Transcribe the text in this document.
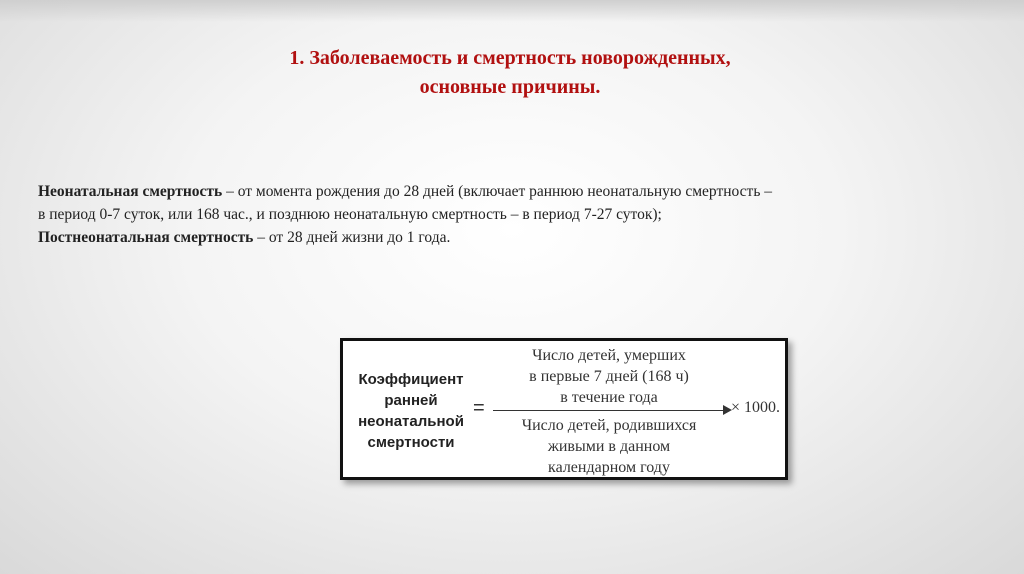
1. Заболеваемость и смертность новорожденных,
основные причины.

Неонатальная смертность – от момента рождения до 28 дней (включает раннюю неонатальную смертность – в период 0-7 суток, или 168 час., и позднюю неонатальную смертность – в период 7-27 суток);

Постнеонатальная смертность – от 28 дней жизни до 1 года.

Коэффициент
ранней
неонатальной
смертности
=
Число детей, умерших
в первые 7 дней (168 ч)
в течение года
Число детей, родившихся
живыми в данном
календарном году
× 1000.
